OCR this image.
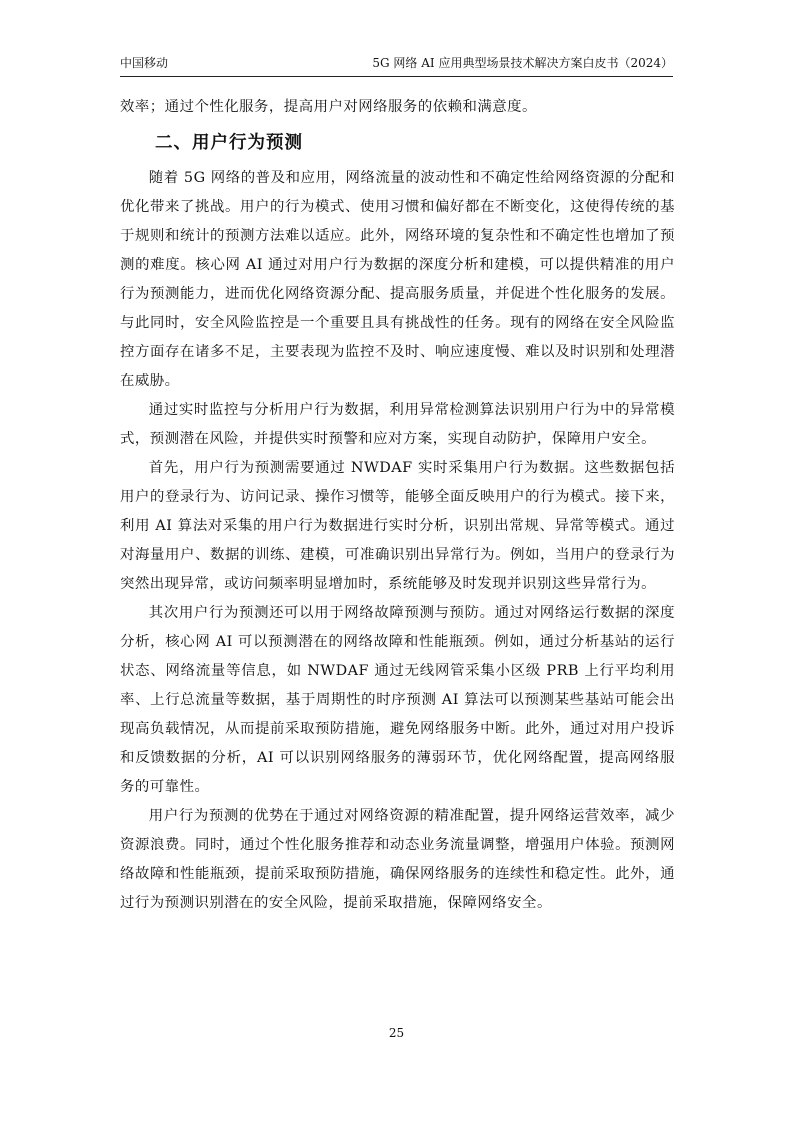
中国移动	5G 网络 AI 应用典型场景技术解决方案白皮书（2024）

效率；通过个性化服务，提高用户对网络服务的依赖和满意度。

二、用户行为预测

随着 5G 网络的普及和应用，网络流量的波动性和不确定性给网络资源的分配和优化带来了挑战。用户的行为模式、使用习惯和偏好都在不断变化，这使得传统的基于规则和统计的预测方法难以适应。此外，网络环境的复杂性和不确定性也增加了预测的难度。核心网 AI 通过对用户行为数据的深度分析和建模，可以提供精准的用户行为预测能力，进而优化网络资源分配、提高服务质量，并促进个性化服务的发展。与此同时，安全风险监控是一个重要且具有挑战性的任务。现有的网络在安全风险监控方面存在诸多不足，主要表现为监控不及时、响应速度慢、难以及时识别和处理潜在威胁。

通过实时监控与分析用户行为数据，利用异常检测算法识别用户行为中的异常模式，预测潜在风险，并提供实时预警和应对方案，实现自动防护，保障用户安全。

首先，用户行为预测需要通过 NWDAF 实时采集用户行为数据。这些数据包括用户的登录行为、访问记录、操作习惯等，能够全面反映用户的行为模式。接下来，利用 AI 算法对采集的用户行为数据进行实时分析，识别出常规、异常等模式。通过对海量用户、数据的训练、建模，可准确识别出异常行为。例如，当用户的登录行为突然出现异常，或访问频率明显增加时，系统能够及时发现并识别这些异常行为。

其次用户行为预测还可以用于网络故障预测与预防。通过对网络运行数据的深度分析，核心网 AI 可以预测潜在的网络故障和性能瓶颈。例如，通过分析基站的运行状态、网络流量等信息，如 NWDAF 通过无线网管采集小区级 PRB 上行平均利用率、上行总流量等数据，基于周期性的时序预测 AI 算法可以预测某些基站可能会出现高负载情况，从而提前采取预防措施，避免网络服务中断。此外，通过对用户投诉和反馈数据的分析，AI 可以识别网络服务的薄弱环节，优化网络配置，提高网络服务的可靠性。

用户行为预测的优势在于通过对网络资源的精准配置，提升网络运营效率，减少资源浪费。同时，通过个性化服务推荐和动态业务流量调整，增强用户体验。预测网络故障和性能瓶颈，提前采取预防措施，确保网络服务的连续性和稳定性。此外，通过行为预测识别潜在的安全风险，提前采取措施，保障网络安全。

25
